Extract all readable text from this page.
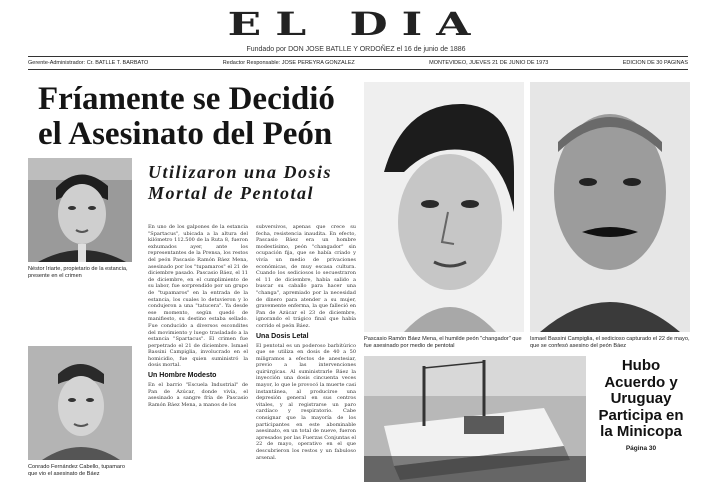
EL DIA
Fundado por DON JOSE BATLLE Y ORDOÑEZ el 16 de junio de 1886
Gerente-Administrador: Cr. BATLLE T. BARBATO	Redactor Responsable: JOSE PEREYRA GONZALEZ	MONTEVIDEO, JUEVES 21 DE JUNIO DE 1973	EDICION DE 30 PAGINAS
Fríamente se Decidió el Asesinato del Peón
Néstor Iriarte, propietario de la estancia, presente en el crimen
Conrado Fernández Cabello, tupamaro que vio el asesinato de Báez
Utilizaron una Dosis Mortal de Pentotal
En uno de los galpones de la estancia "Spartacus", ubicada a la altura del kilómetro 112.500 de la Ruta 8, fueron exhumados ayer, ante los representantes de la Prensa, los restos del peón Pascasio Ramón Báez Mena, asesinado por los "tupamaros" el 21 de diciembre pasado. Pascasio Báez, el 11 de diciembre, en el cumplimiento de su labor, fue sorprendido por un grupo de "tupamaros" en la entrada de la estancia, los cuales lo detuvieron y lo condujeron a una "tatucera". Ya desde ese momento, según quedó de manifiesto, su destino estaba sellado. Fue conducido a diversos escondites del movimiento y luego trasladado a la estancia "Spartacus". El crimen fue perpetrado el 21 de diciembre. Ismael Bassini Campiglia, involucrado en el homicidio, fue quien suministró la dosis mortal.
Un Hombre Modesto
En el barrio "Escuela Industrial" de Pan de Azúcar, donde vivía, el asesinado a sangre fría de Pascasio Ramón Báez Mena, a manos de los
subversivos, apenas que crece su fecha, resistencia inaudita. En efecto, Pascasio Báez era un hombre modestísimo, peón "changador" sin ocupación fija, que se había criado y vivía un medio de privaciones económicas, de muy escasa cultura. Cuando los sediciosos lo secuestraron el 11 de diciembre, había salido a buscar su caballo para hacer una "changa", apremiado por la necesidad de dinero para atender a su mujer, gravemente enferma, la que falleció en Pan de Azúcar el 23 de diciembre, ignorando el trágico final que había corrido el peón Báez.
Una Dosis Letal
El pentotal es un poderoso barbitúrico que se utiliza en dosis de 40 a 50 miligramos a efectos de anestesiar, previo a las intervenciones quirúrgicas. Al suministrarle Báez la inyección una dosis cincuenta veces mayor, lo que le provocó la muerte casi instantánea, al producirse una depresión general en sus centros vitales, y al registrarse un paro cardíaco y respiratorio. Cabe consignar que la mayoría de los participantes en este abominable asesinato, en un total de nueve, fueron apresados por las Fuerzas Conjuntas el 22 de mayo, operativo en el que descubrieron los restos y un fabuloso arsenal.
Pascasio Ramón Báez Mena, el humilde peón "changador" que fue asesinado por medio de pentotal
Ismael Bassini Campiglia, el sedicioso capturado el 22 de mayo, que se confesó asesino del peón Báez
Hubo Acuerdo y Uruguay Participa en la Minicopa
Página 30
